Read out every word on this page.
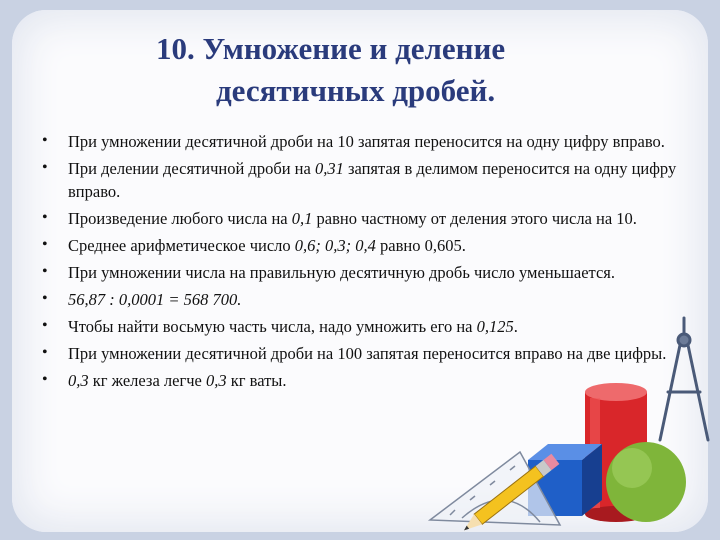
10. Умножение и деление
десятичных дробей.
• При умножении десятичной дроби на 10 запятая переносится на одну цифру вправо.
• При делении десятичной дроби на 0,31 запятая в делимом переносится на одну цифру вправо.
• Произведение любого числа на 0,1 равно частному от деления этого числа на 10.
• Среднее арифметическое число 0,6; 0,3; 0,4 равно 0,605.
• При умножении числа на правильную десятичную дробь число уменьшается.
• 56,87 : 0,0001 = 568 700.
• Чтобы найти восьмую часть числа, надо умножить его на 0,125.
• При умножении десятичной дроби на 100 запятая переносится вправо на две цифры.
• 0,3 кг железа легче 0,3 кг ваты.
